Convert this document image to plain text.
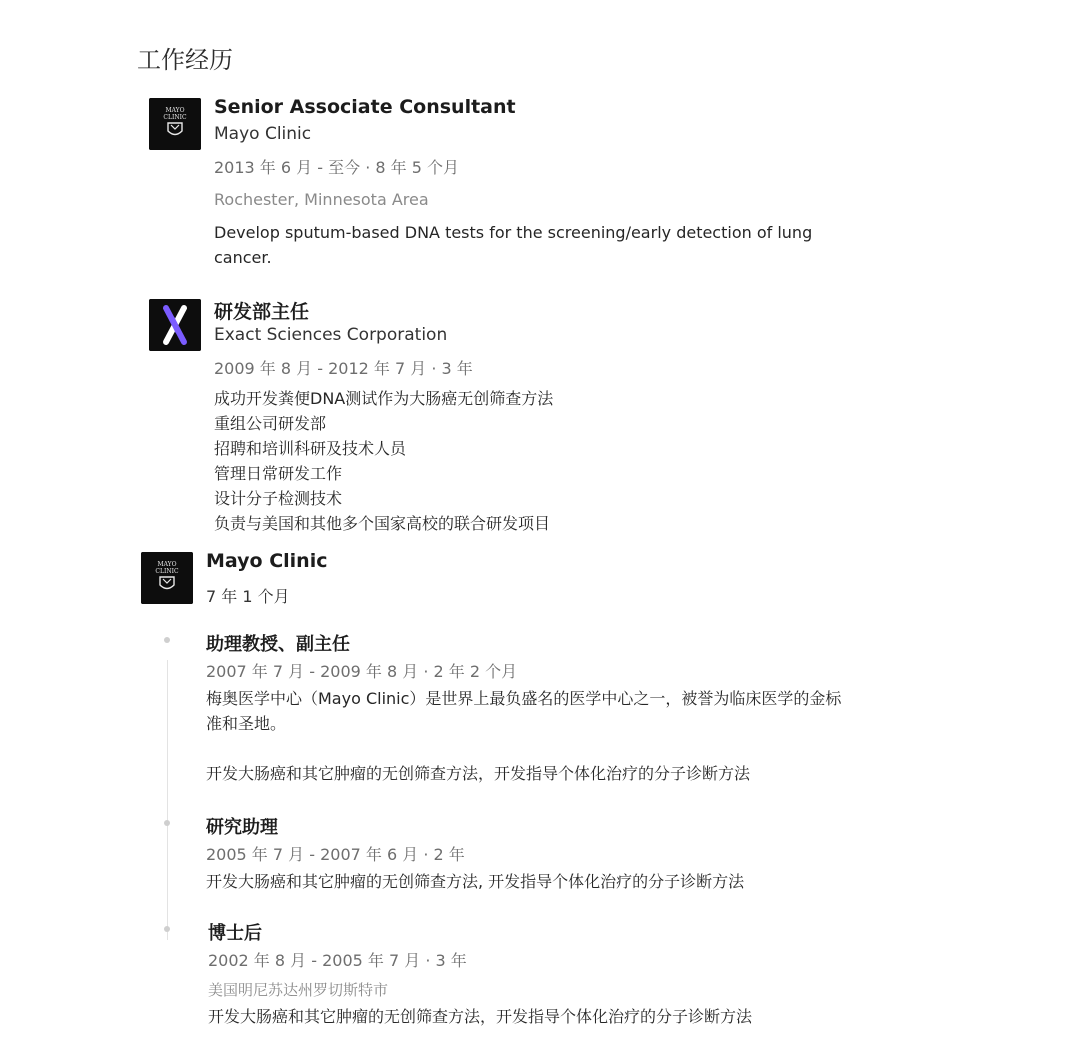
工作经历
MAYO
CLINIC Senior Associate Consultant
Mayo Clinic
2013 年 6 月 - 至今 · 8 年 5 个月
Rochester, Minnesota Area
Develop sputum-based DNA tests for the screening/early detection of lung
cancer.
研发部主任
Exact Sciences Corporation
2009 年 8 月 - 2012 年 7 月 · 3 年
成功开发粪便DNA测试作为大肠癌无创筛查方法
重组公司研发部
招聘和培训科研及技术人员
管理日常研发工作
设计分子检测技术
负责与美国和其他多个国家高校的联合研发项目
MAYO
CLINIC Mayo Clinic
7 年 1 个月
助理教授、副主任
2007 年 7 月 - 2009 年 8 月 · 2 年 2 个月
梅奥医学中心（Mayo Clinic）是世界上最负盛名的医学中心之一，被誉为临床医学的金标
准和圣地。
开发大肠癌和其它肿瘤的无创筛查方法，开发指导个体化治疗的分子诊断方法
研究助理
2005 年 7 月 - 2007 年 6 月 · 2 年
开发大肠癌和其它肿瘤的无创筛查方法, 开发指导个体化治疗的分子诊断方法
博士后
2002 年 8 月 - 2005 年 7 月 · 3 年
美国明尼苏达州罗切斯特市
开发大肠癌和其它肿瘤的无创筛查方法，开发指导个体化治疗的分子诊断方法
